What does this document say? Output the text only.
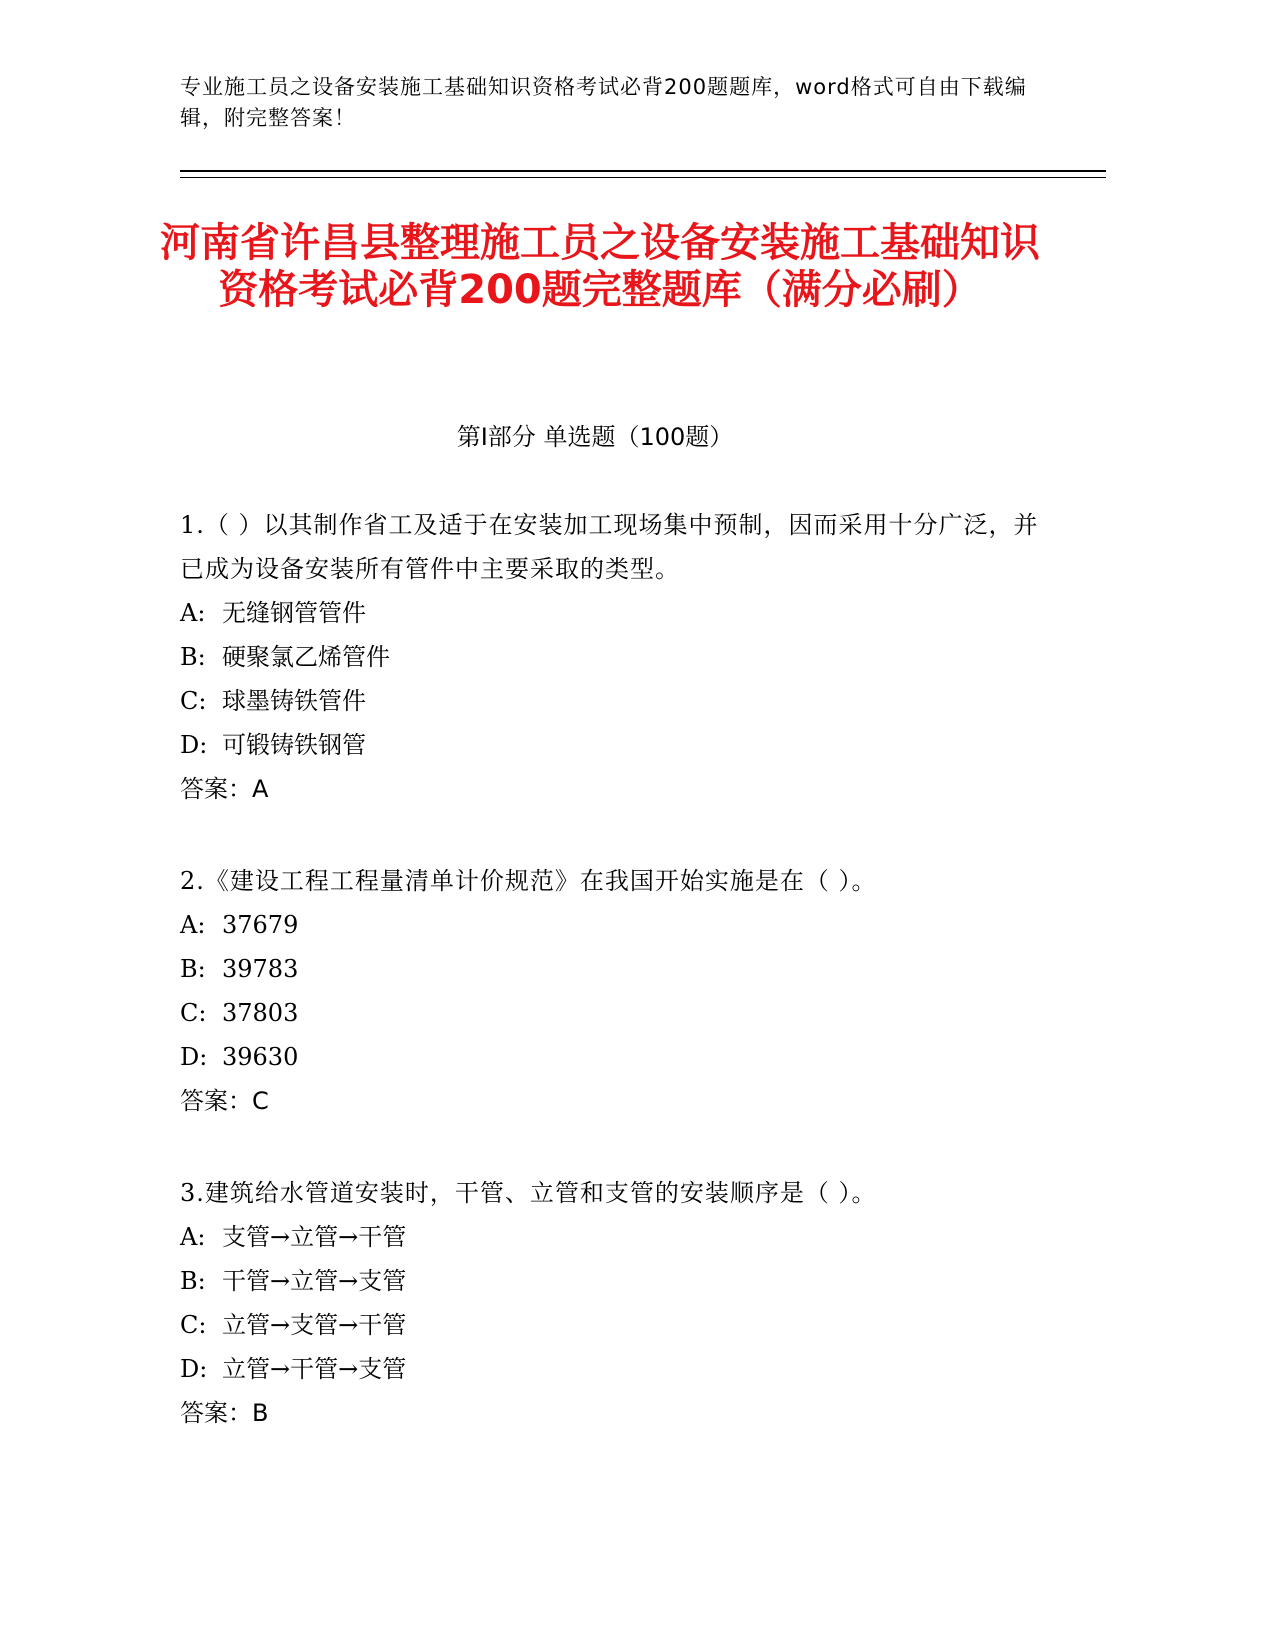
专业施工员之设备安装施工基础知识资格考试必背200题题库，word格式可自由下载编辑，附完整答案！
河南省许昌县整理施工员之设备安装施工基础知识资格考试必背200题完整题库（满分必刷）
第I部分 单选题（100题）

1.（ ）以其制作省工及适于在安装加工现场集中预制，因而采用十分广泛，并已成为设备安装所有管件中主要采取的类型。

A: 无缝钢管管件

B: 硬聚氯乙烯管件

C: 球墨铸铁管件

D: 可锻铸铁钢管

答案：A

2.《建设工程工程量清单计价规范》在我国开始实施是在（ ）。

A: 37679

B: 39783

C: 37803

D: 39630

答案：C

3.建筑给水管道安装时，干管、立管和支管的安装顺序是（ ）。

A: 支管→立管→干管

B: 干管→立管→支管

C: 立管→支管→干管

D: 立管→干管→支管

答案：B
